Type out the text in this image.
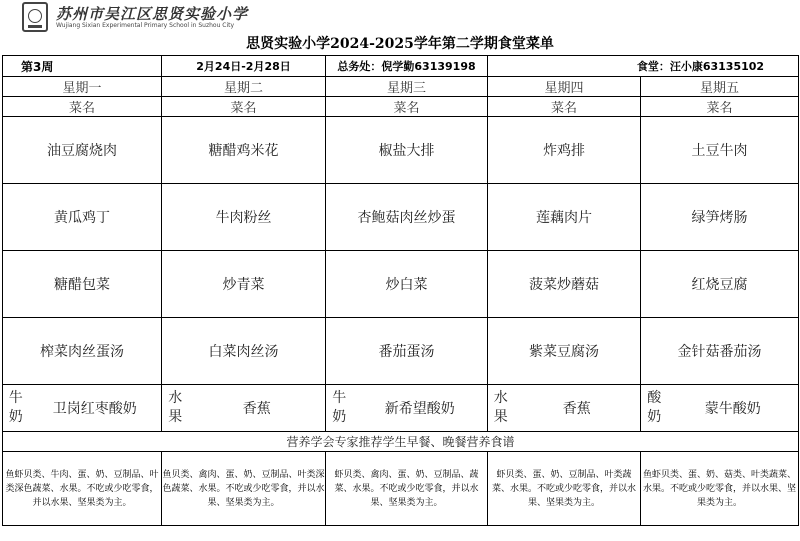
苏州市吴江区思贤实验小学
Wujiang Sixian Experimental Primary School in Suzhou City
思贤实验小学2024-2025学年第二学期食堂菜单
第3周		2月24日-2月28日		总务处：倪学勤63139198		食堂：汪小康63135102			
星期一		星期二		星期三		星期四		星期五	
菜名		菜名		菜名		菜名		菜名	
油豆腐烧肉		糖醋鸡米花		椒盐大排		炸鸡排		土豆牛肉	
黄瓜鸡丁		牛肉粉丝		杏鲍菇肉丝炒蛋		莲藕肉片		绿笋烤肠	
糖醋包菜		炒青菜		炒白菜		菠菜炒蘑菇		红烧豆腐	
榨菜肉丝蛋汤		白菜肉丝汤		番茄蛋汤		紫菜豆腐汤		金针菇番茄汤	
牛奶	卫岗红枣酸奶	水果	香蕉	牛奶	新希望酸奶	水果	香蕉	酸奶	蒙牛酸奶
营养学会专家推荐学生早餐、晚餐营养食谱									
鱼虾贝类、牛肉、蛋、奶、豆制品、叶类深色蔬菜、水果。不吃或少吃零食，并以水果、坚果类为主。		鱼贝类、禽肉、蛋、奶、豆制品、叶类深色蔬菜、水果。不吃或少吃零食，并以水果、坚果类为主。		虾贝类、禽肉、蛋、奶、豆制品、蔬菜、水果。不吃或少吃零食，并以水果、坚果类为主。		虾贝类、蛋、奶、豆制品、叶类蔬菜、水果。不吃或少吃零食，并以水果、坚果类为主。		鱼虾贝类、蛋、奶、菇类、叶类蔬菜、水果。不吃或少吃零食，并以水果、坚果类为主。	
